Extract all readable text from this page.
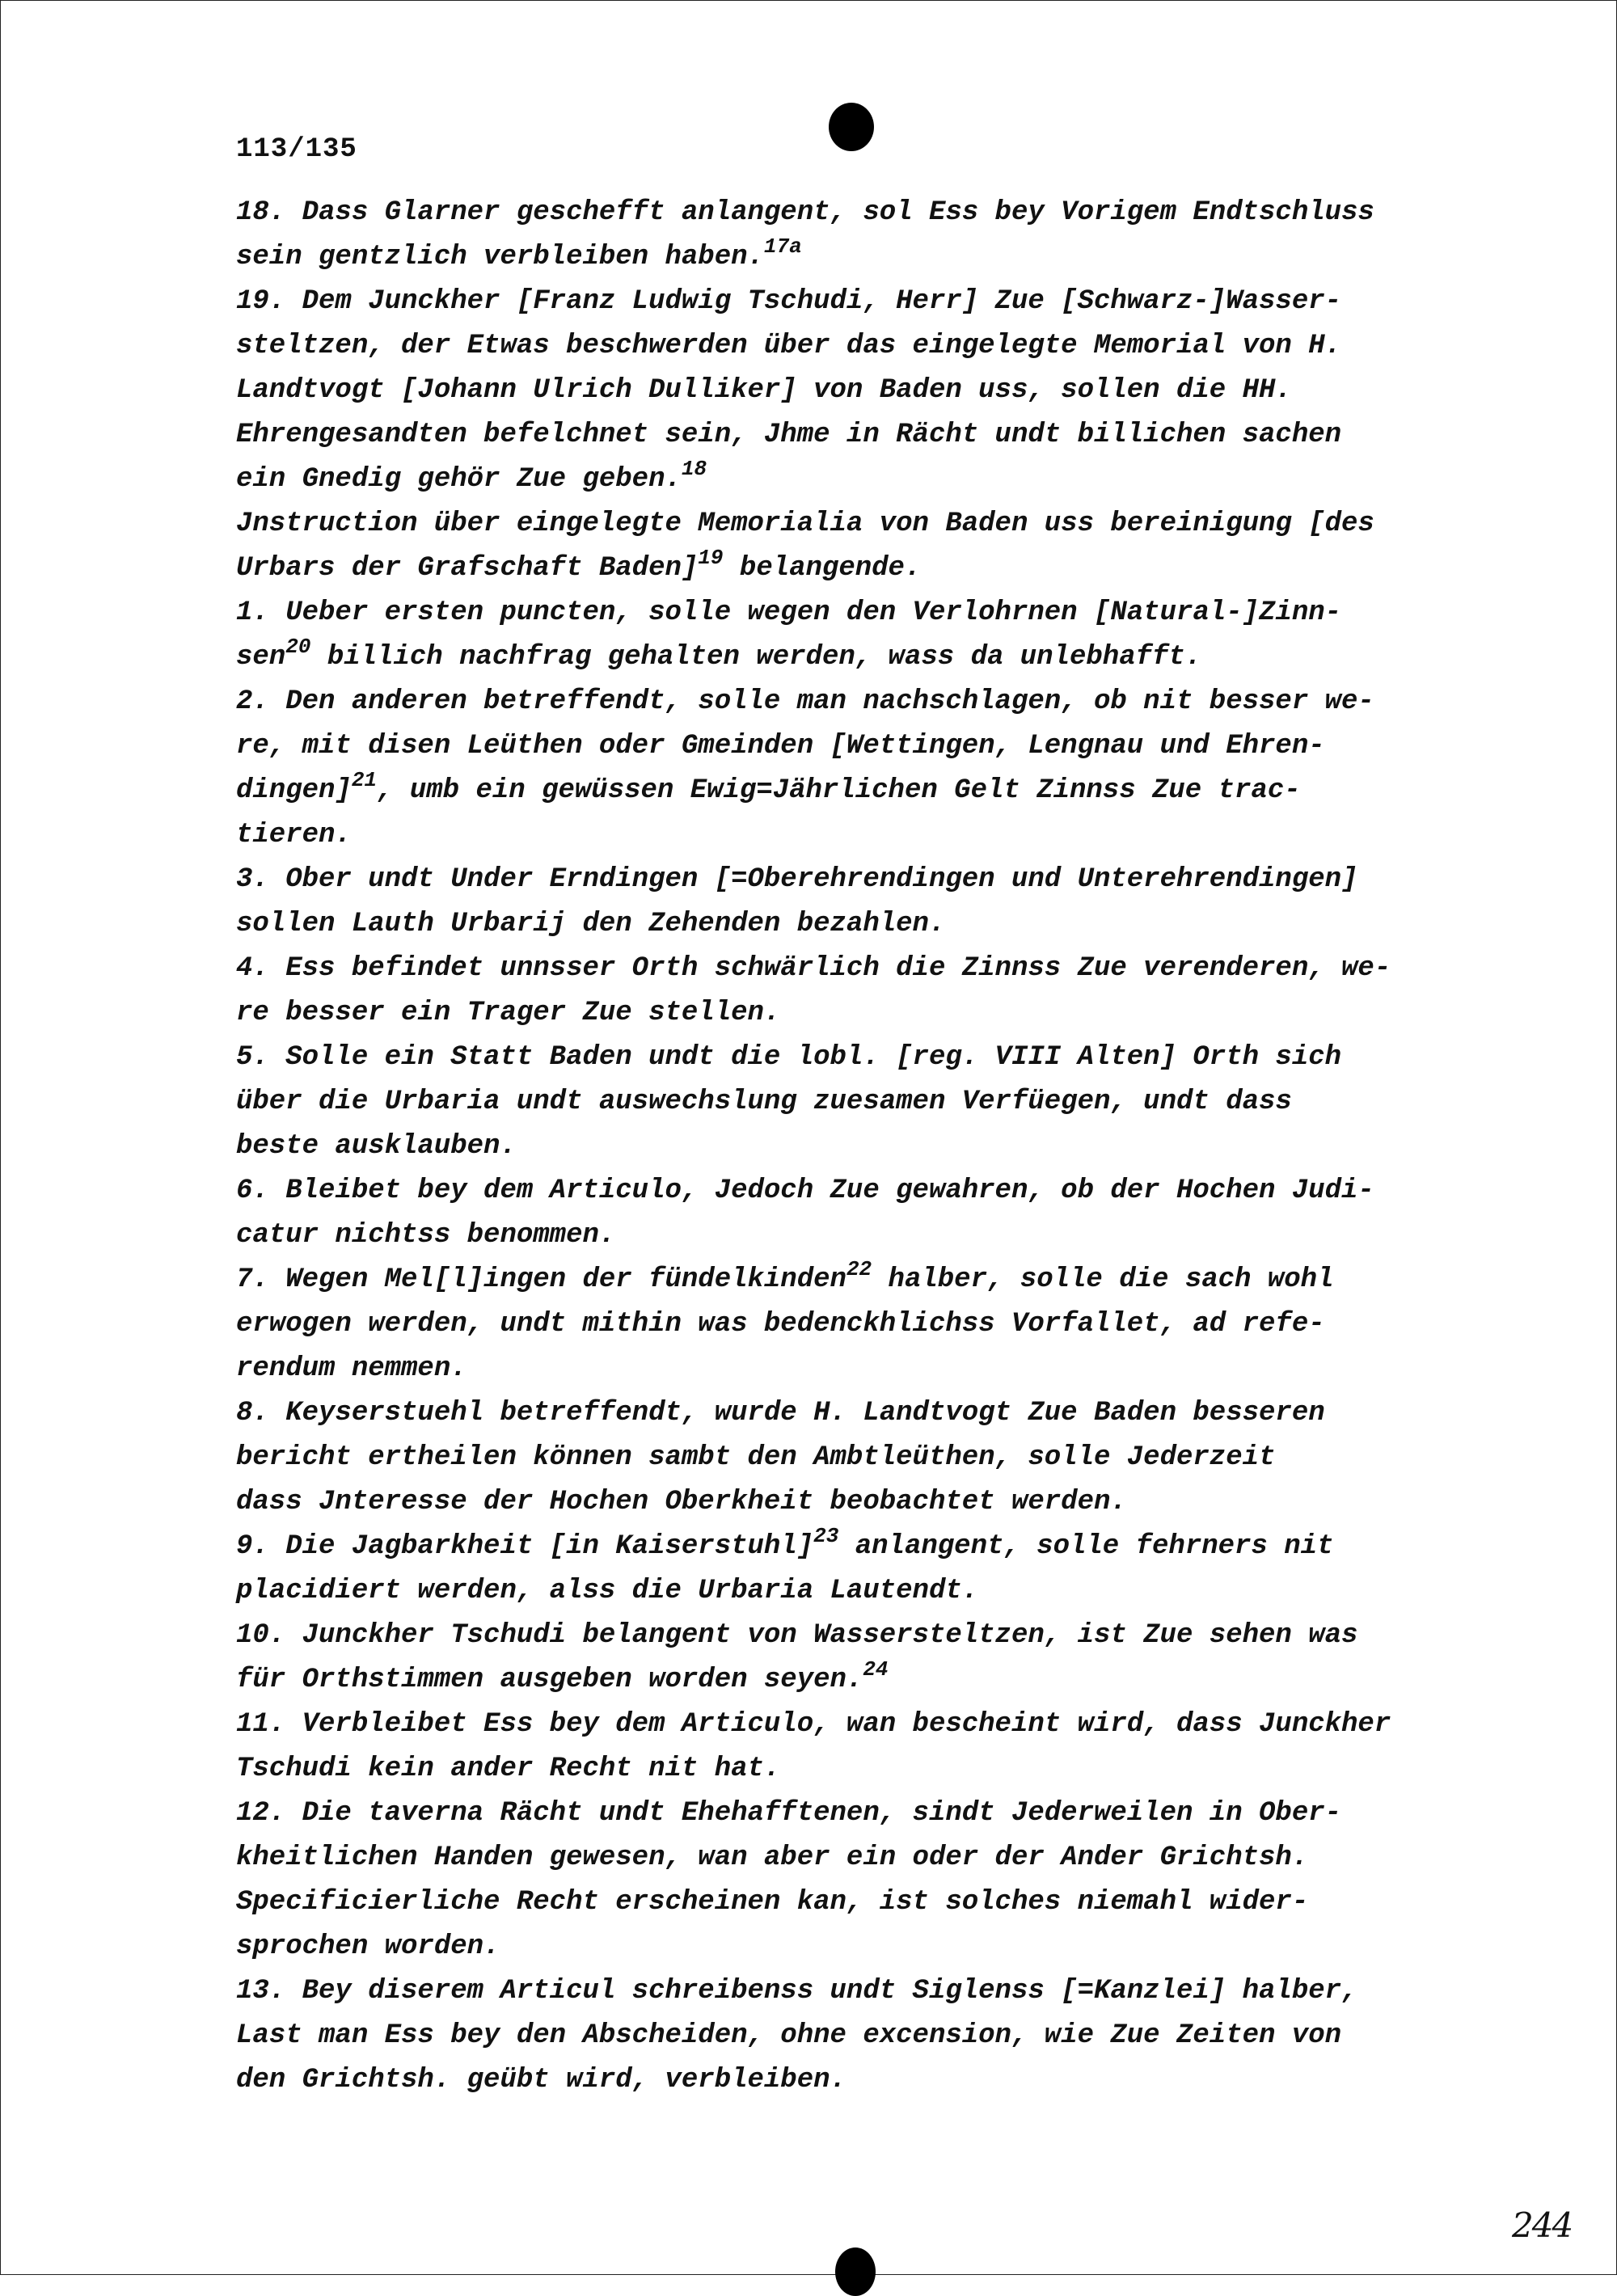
113/135

18. Dass Glarner geschefft anlangent, sol Ess bey Vorigem Endtschluss
sein gentzlich verbleiben haben.$^{17a}$

19. Dem Junckher [Franz Ludwig Tschudi, Herr] Zue [Schwarz-]Wasser-
steltzen, der Etwas beschwerden über das eingelegte Memorial von H.
Landtvogt [Johann Ulrich Dulliker] von Baden uss, sollen die HH.
Ehrengesandten befelchnet sein, Jhme in Rächt undt billichen sachen
ein Gnedig gehör Zue geben.$^{18}$

Jnstruction über eingelegte Memorialia von Baden uss bereinigung [des
Urbars der Grafschaft Baden]$^{19}$ belangende.

1. Ueber ersten puncten, solle wegen den Verlohrnen [Natural-]Zinn-
sen$^{20}$ billich nachfrag gehalten werden, wass da unlebhafft.

2. Den anderen betreffendt, solle man nachschlagen, ob nit besser we-
re, mit disen Leüthen oder Gmeinden [Wettingen, Lengnau und Ehren-
dingen]$^{21}$, umb ein gewüssen Ewig=Jährlichen Gelt Zinnss Zue trac-
tieren.

3. Ober undt Under Erndingen [=Oberehrendingen und Unterehrendingen]
sollen Lauth Urbarij den Zehenden bezahlen.

4. Ess befindet unnsser Orth schwärlich die Zinnss Zue verenderen, we-
re besser ein Trager Zue stellen.

5. Solle ein Statt Baden undt die lobl. [reg. VIII Alten] Orth sich
über die Urbaria undt auswechslung zuesamen Verfüegen, undt dass
beste ausklauben.

6. Bleibet bey dem Articulo, Jedoch Zue gewahren, ob der Hochen Judi-
catur nichtss benommen.

7. Wegen Mel[l]ingen der fündelkinden$^{22}$ halber, solle die sach wohl
erwogen werden, undt mithin was bedenckhlichss Vorfallet, ad refe-
rendum nemmen.

8. Keyserstuehl betreffendt, wurde H. Landtvogt Zue Baden besseren
bericht ertheilen können sambt den Ambtleüthen, solle Jederzeit
dass Jnteresse der Hochen Oberkheit beobachtet werden.

9. Die Jagbarkheit [in Kaiserstuhl]$^{23}$ anlangent, solle fehrners nit
placidiert werden, alss die Urbaria Lautendt.

10. Junckher Tschudi belangent von Wassersteltzen, ist Zue sehen was
für Orthstimmen ausgeben worden seyen.$^{24}$

11. Verbleibet Ess bey dem Articulo, wan bescheint wird, dass Junckher
Tschudi kein ander Recht nit hat.

12. Die taverna Rächt undt Ehehafftenen, sindt Jederweilen in Ober-
kheitlichen Handen gewesen, wan aber ein oder der Ander Grichtsh.
Specificierliche Recht erscheinen kan, ist solches niemahl wider-
sprochen worden.

13. Bey diserem Articul schreibenss undt Siglenss [=Kanzlei] halber,
Last man Ess bey den Abscheiden, ohne excension, wie Zue Zeiten von
den Grichtsh. geübt wird, verbleiben.

244
